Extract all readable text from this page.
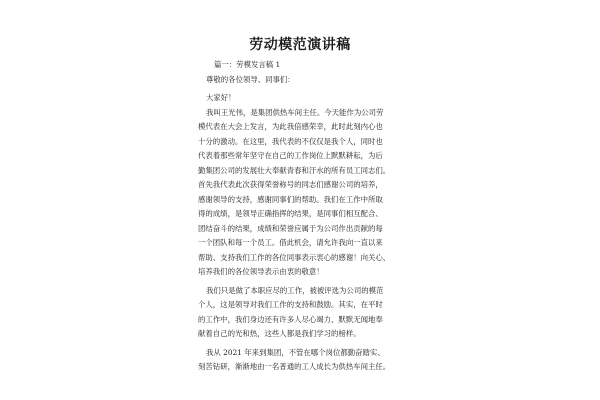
劳动模范演讲稿
篇一：劳模发言稿 1
尊敬的各位领导、同事们：
大家好！
我叫王光伟，是集团供热车间主任。今天能作为公司劳
模代表在大会上发言，为此我倍感荣幸，此时此刻内心也
十分的激动。在这里，我代表的不仅仅是我个人，同时也
代表着那些常年坚守在自己的工作岗位上默默耕耘，为后
勤集团公司的发展壮大奉献青春和汗水的所有员工同志们。
首先我代表此次获得荣誉称号的同志们感谢公司的培养，
感谢领导的支持，感谢同事们的帮助。我们在工作中所取
得的成绩，是领导正确指挥的结果，是同事们相互配合、
团结奋斗的结果，成绩和荣誉应属于为公司作出贡献的每
一个团队和每一个员工。借此机会，请允许我向一直以来
帮助、支持我们工作的各位同事表示衷心的感谢！向关心、
培养我们的各位领导表示由衷的敬意！
我们只是做了本职应尽的工作，被被评选为公司的模范
个人，这是领导对我们工作的支持和鼓励。其实，在平时
的工作中，我们身边还有许多人尽心竭力、默默无闻地奉
献着自己的光和热，这些人都是我们学习的榜样。
我从 2021 年来到集团，不管在哪个岗位都勤奋踏实、
刻苦钻研，渐渐地由一名普通的工人成长为供热车间主任。
